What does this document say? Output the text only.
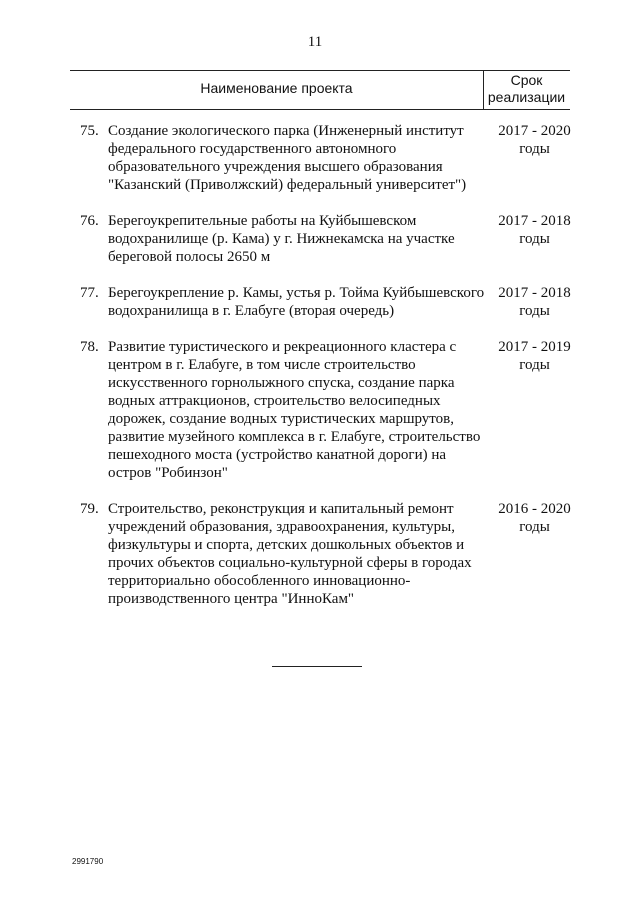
11
Наименование проекта	Срок
реализации
75. Создание экологического парка (Инженерный институт федерального государственного автономного образовательного учреждения высшего образования "Казанский (Приволжский) федеральный университет")
2017 - 2020
годы
76. Берегоукрепительные работы на Куйбышевском водохранилище (р. Кама) у г. Нижнекамска на участке береговой полосы 2650 м
2017 - 2018
годы
77. Берегоукрепление р. Камы, устья р. Тойма Куйбышевского водохранилища в г. Елабуге (вторая очередь)
2017 - 2018
годы
78. Развитие туристического и рекреационного кластера с центром в г. Елабуге, в том числе строительство искусственного горнолыжного спуска, создание парка водных аттракционов, строительство велосипедных дорожек, создание водных туристических маршрутов, развитие музейного комплекса в г. Елабуге, строительство пешеходного моста (устройство канатной дороги) на остров "Робинзон"
2017 - 2019
годы
79. Строительство, реконструкция и капитальный ремонт учреждений образования, здравоохранения, культуры, физкультуры и спорта, детских дошкольных объектов и прочих объектов социально-культурной сферы в городах территориально обособленного инновационно-производственного центра "ИнноКам"
2016 - 2020
годы
2991790
